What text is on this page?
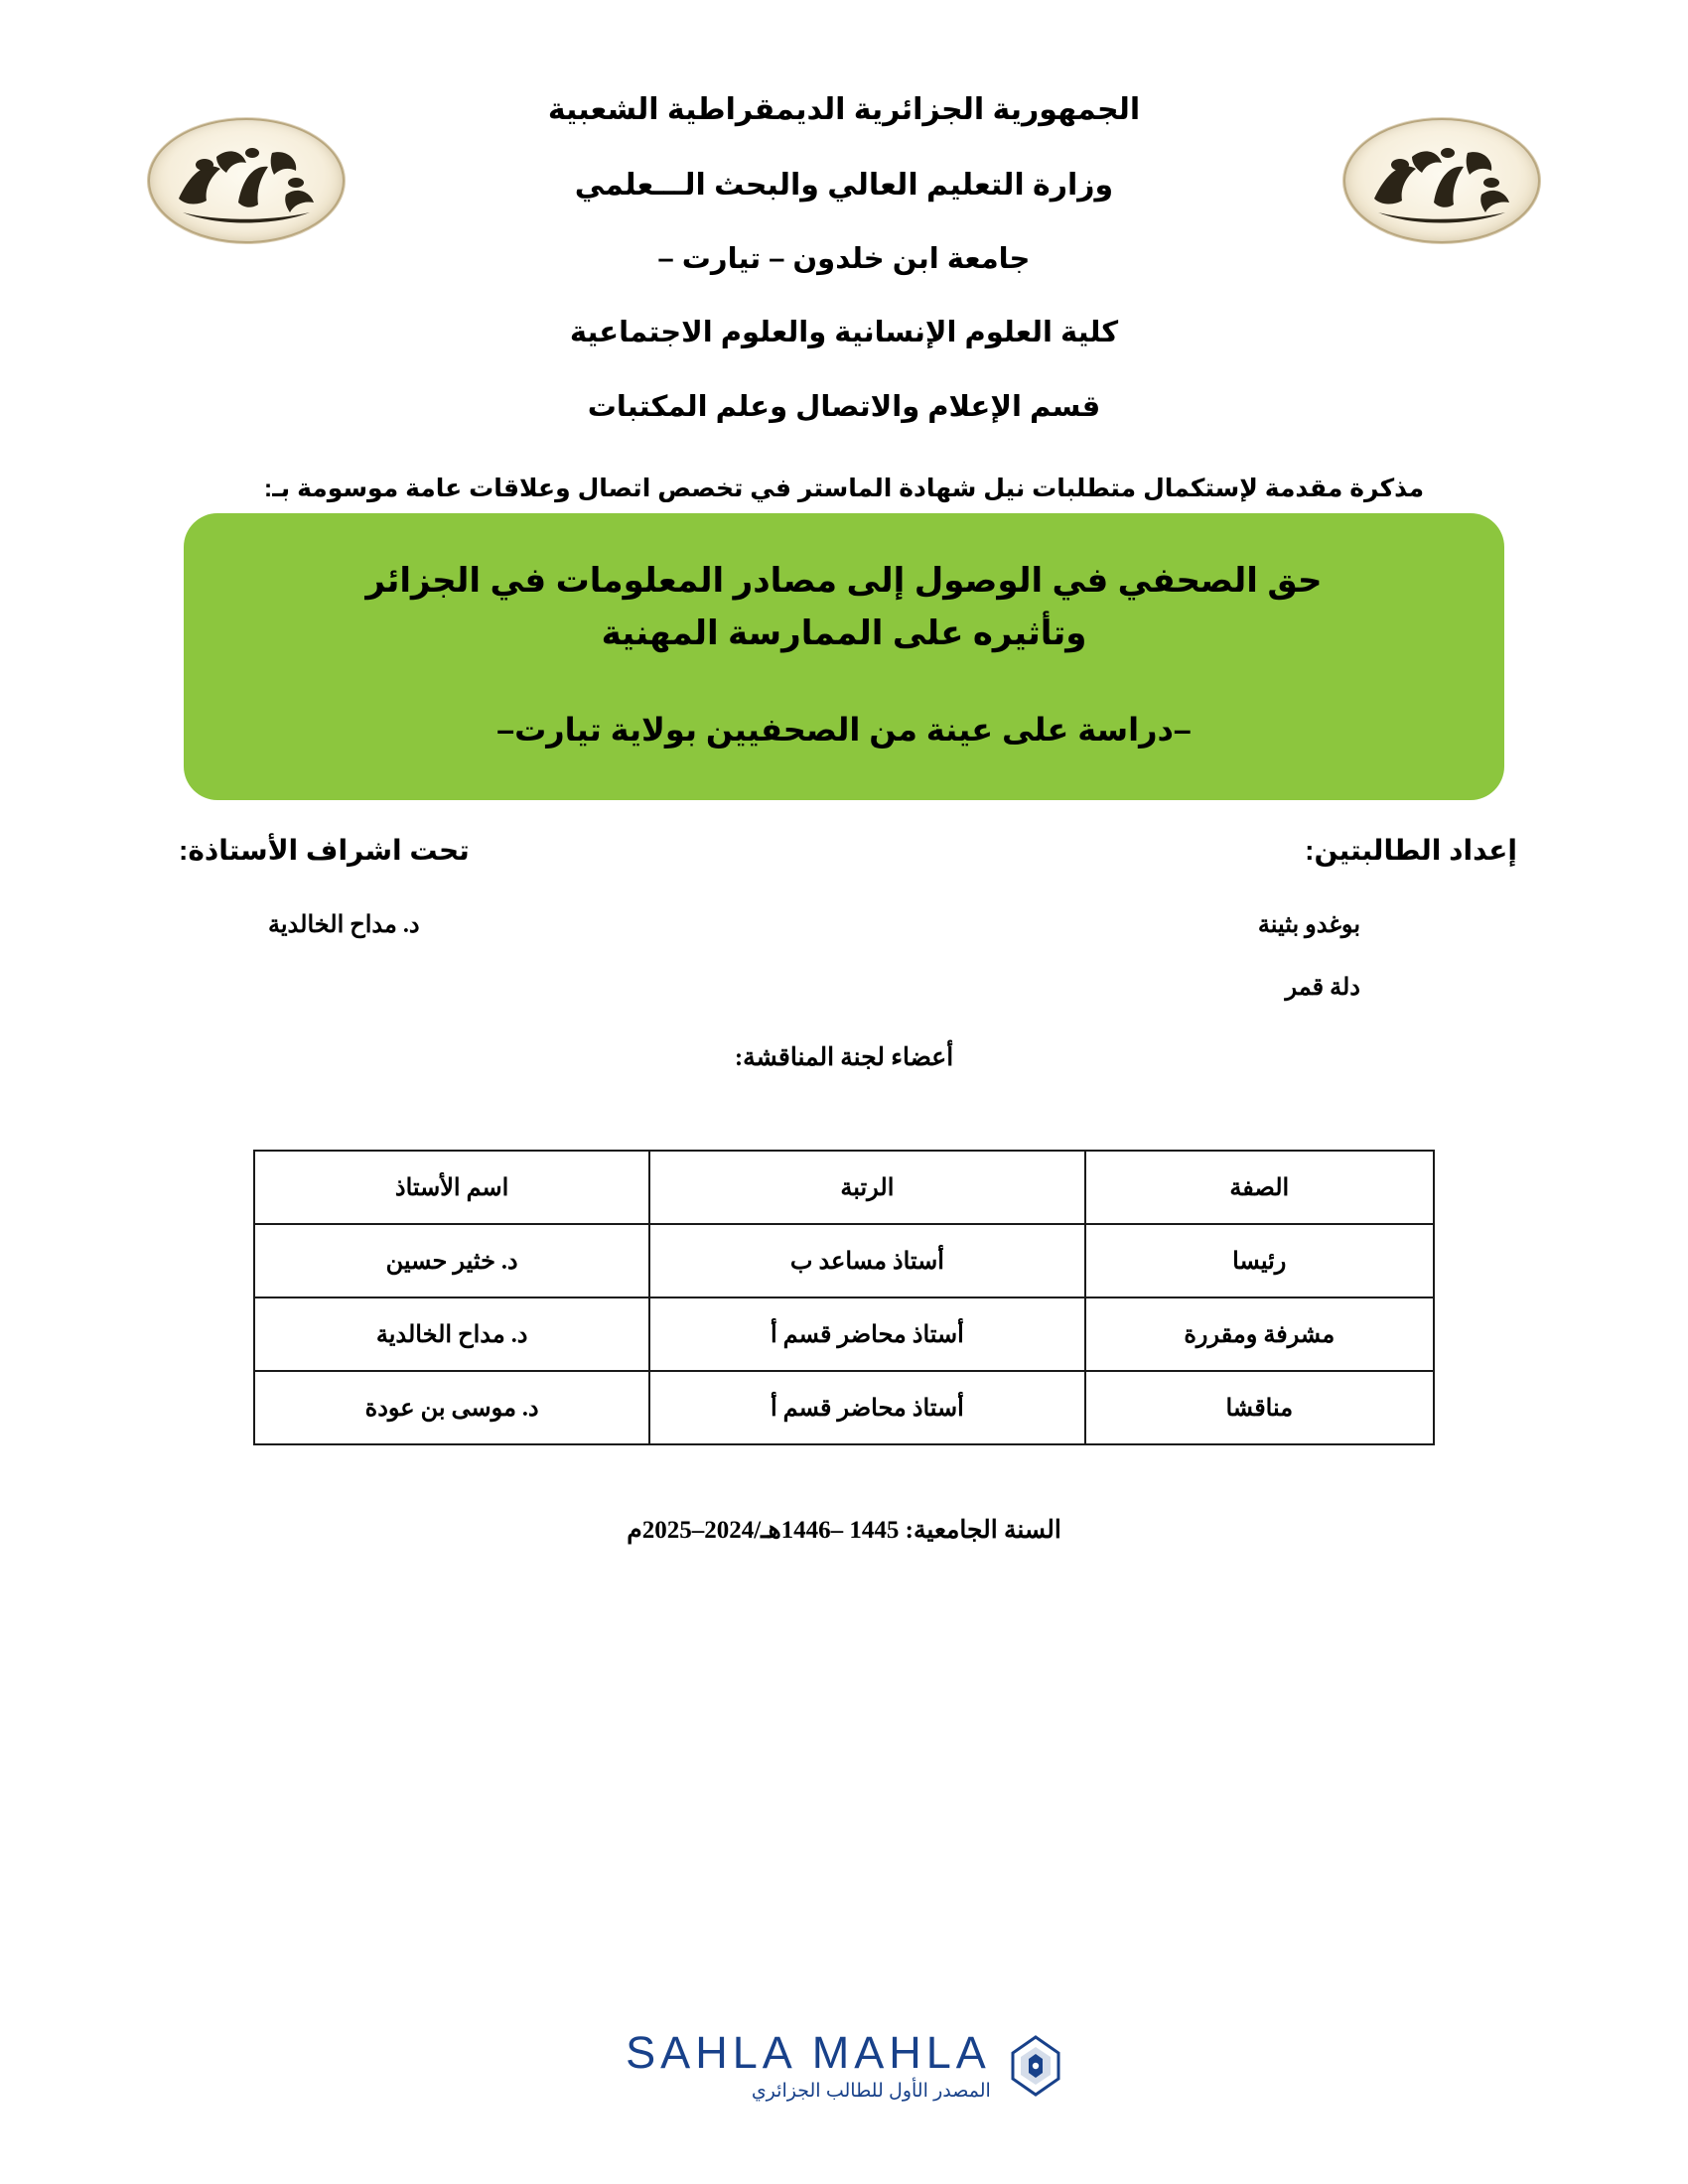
الجمهورية الجزائرية الديمقراطية الشعبية

وزارة التعليم العالي والبحث الـــعلمي

جامعة ابن خلدون – تيارت –

كلية العلوم الإنسانية والعلوم الاجتماعية

قسم الإعلام والاتصال وعلم المكتبات

مذكرة مقدمة لإستكمال متطلبات نيل شهادة الماستر في تخصص اتصال وعلاقات عامة موسومة بـ:

حق الصحفي في الوصول إلى مصادر المعلومات في الجزائر

وتأثيره على الممارسة المهنية

–دراسة على عينة من الصحفيين بولاية تيارت–

إعداد الطالبتين:

بوغدو بثينة

دلة قمر

تحت اشراف الأستاذة:

د. مداح الخالدية

أعضاء لجنة المناقشة:

الصفة	الرتبة	اسم الأستاذ
رئيسا	أستاذ مساعد ب	د. خثير حسين
مشرفة ومقررة	أستاذ محاضر قسم أ	د. مداح الخالدية
مناقشا	أستاذ محاضر قسم أ	د. موسى بن عودة

السنة الجامعية: 1445 –1446هـ/2024–2025م

SAHLA MAHLA
المصدر الأول للطالب الجزائري
